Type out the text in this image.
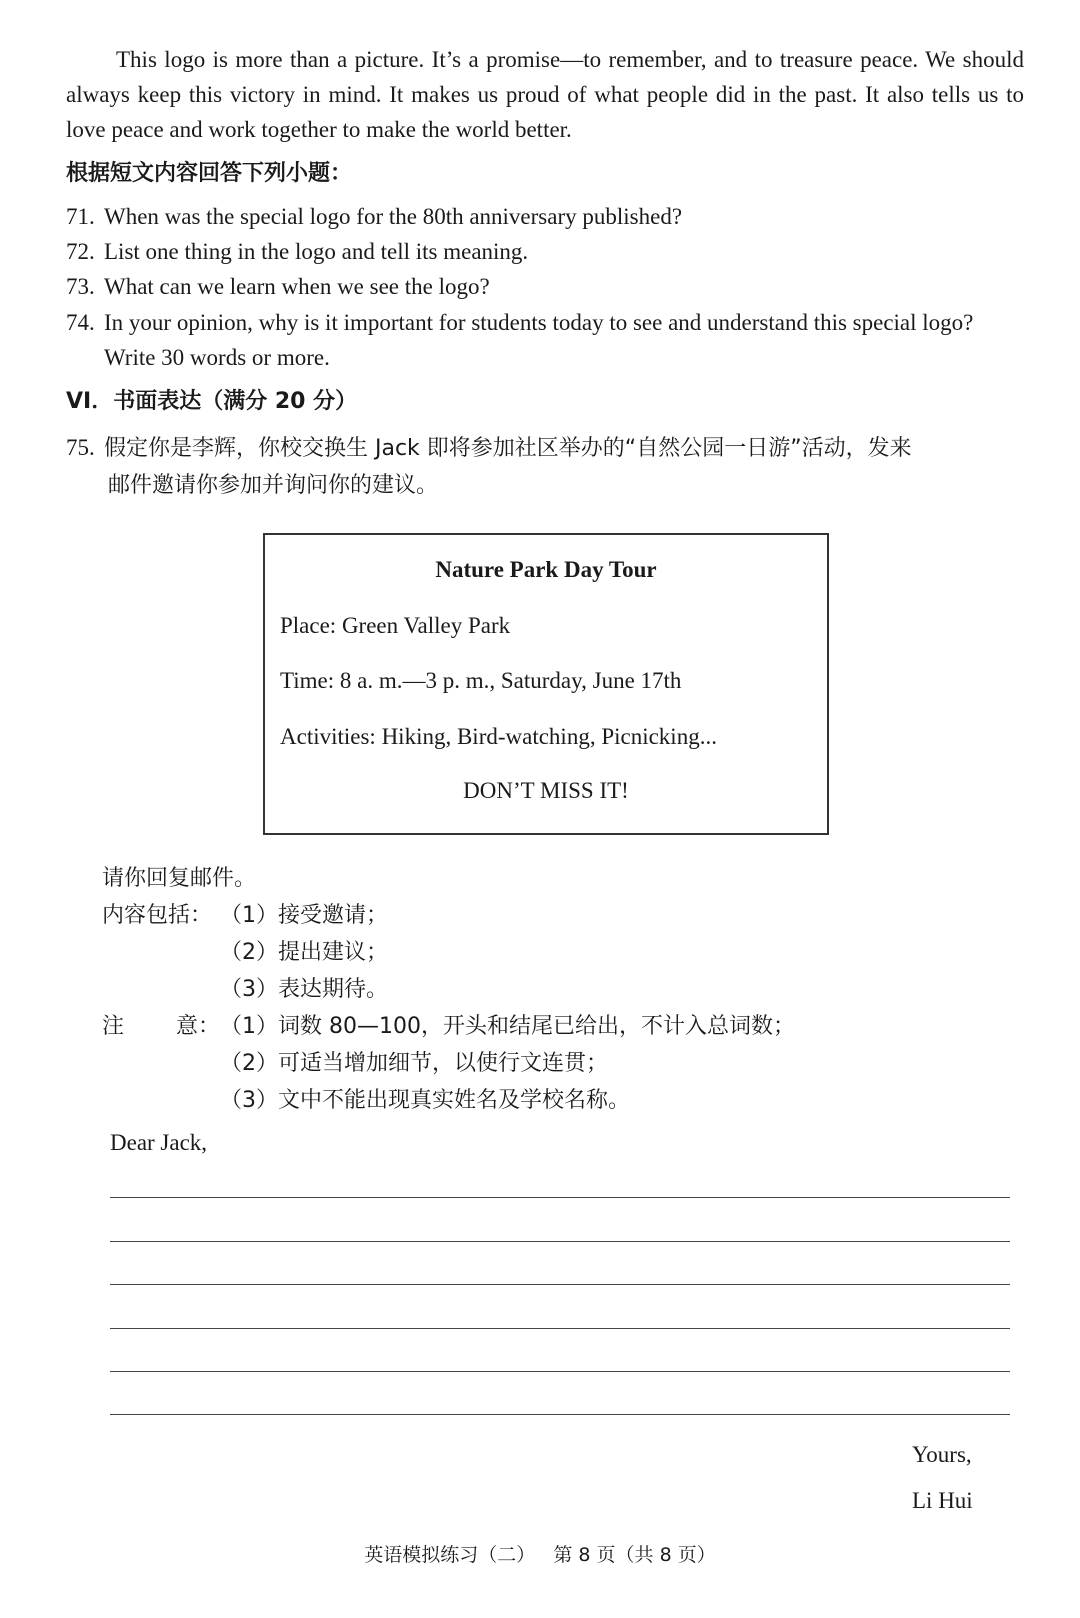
This logo is more than a picture. It’s a promise—to remember, and to treasure peace. We should always keep this victory in mind. It makes us proud of what people did in the past. It also tells us to love peace and work together to make the world better.
根据短文内容回答下列小题：
71. When was the special logo for the 80th anniversary published?
72. List one thing in the logo and tell its meaning.
73. What can we learn when we see the logo?
74. In your opinion, why is it important for students today to see and understand this special logo?
Write 30 words or more.
VI．书面表达（满分 20 分）
75. 假定你是李辉，你校交换生 Jack 即将参加社区举办的“自然公园一日游”活动，发来
邮件邀请你参加并询问你的建议。
Nature Park Day Tour
Place: Green Valley Park
Time: 8 a. m.—3 p. m., Saturday, June 17th
Activities: Hiking, Bird-watching, Picnicking...
DON’T MISS IT!
请你回复邮件。
内容包括： （1）接受邀请；
（2）提出建议；
（3）表达期待。
注 意： （1）词数 80—100，开头和结尾已给出，不计入总词数；
（2）可适当增加细节，以使行文连贯；
（3）文中不能出现真实姓名及学校名称。
Dear Jack,
Yours,
Li Hui
英语模拟练习（二）   第 8 页（共 8 页）
